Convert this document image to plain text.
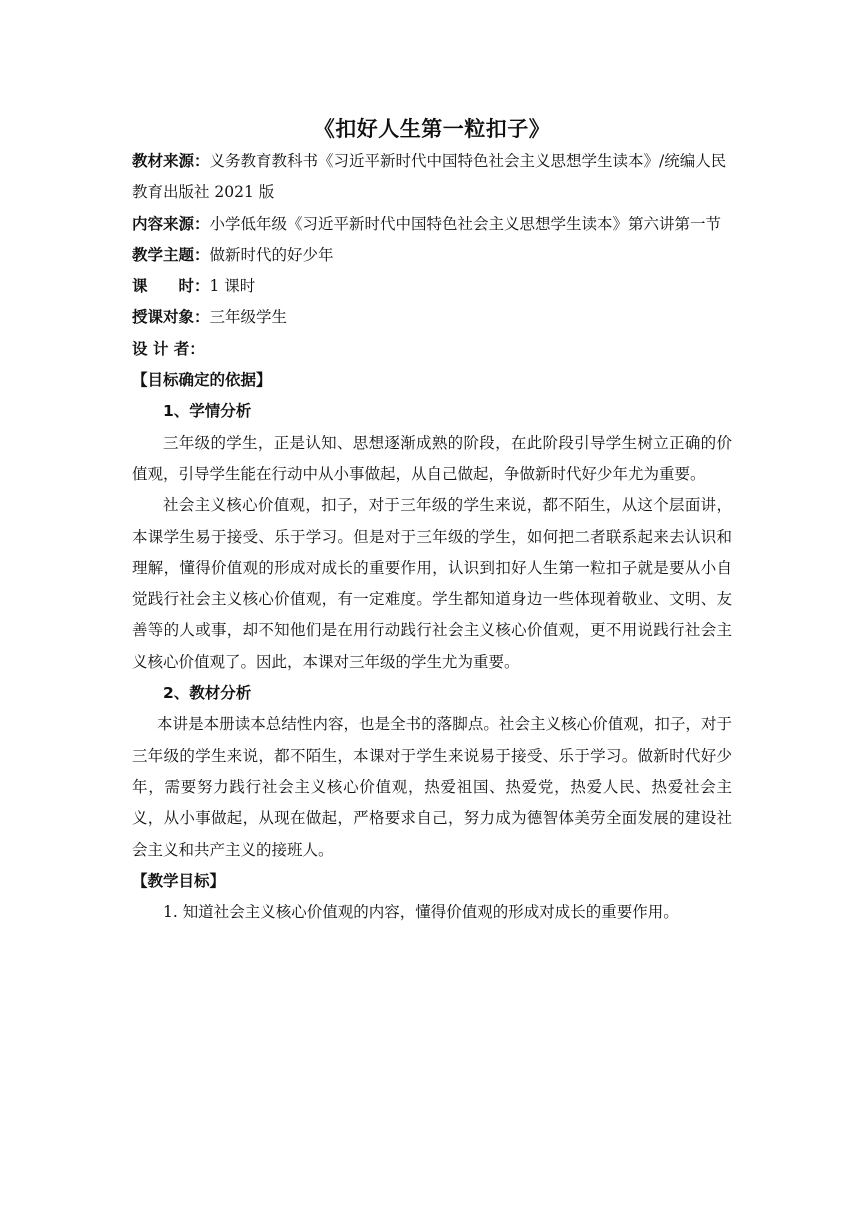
《扣好人生第一粒扣子》

教材来源：义务教育教科书《习近平新时代中国特色社会主义思想学生读本》/统编人民教育出版社 2021 版

内容来源：小学低年级《习近平新时代中国特色社会主义思想学生读本》第六讲第一节

教学主题：做新时代的好少年

课　　时：1 课时

授课对象：三年级学生

设 计 者：

【目标确定的依据】

1、学情分析

三年级的学生，正是认知、思想逐渐成熟的阶段，在此阶段引导学生树立正确的价值观，引导学生能在行动中从小事做起，从自己做起，争做新时代好少年尤为重要。

社会主义核心价值观，扣子，对于三年级的学生来说，都不陌生，从这个层面讲，本课学生易于接受、乐于学习。但是对于三年级的学生，如何把二者联系起来去认识和理解，懂得价值观的形成对成长的重要作用，认识到扣好人生第一粒扣子就是要从小自觉践行社会主义核心价值观，有一定难度。学生都知道身边一些体现着敬业、文明、友善等的人或事，却不知他们是在用行动践行社会主义核心价值观，更不用说践行社会主义核心价值观了。因此，本课对三年级的学生尤为重要。

2、教材分析

本讲是本册读本总结性内容，也是全书的落脚点。社会主义核心价值观，扣子，对于三年级的学生来说，都不陌生，本课对于学生来说易于接受、乐于学习。做新时代好少年，需要努力践行社会主义核心价值观，热爱祖国、热爱党，热爱人民、热爱社会主义，从小事做起，从现在做起，严格要求自己，努力成为德智体美劳全面发展的建设社会主义和共产主义的接班人。

【教学目标】

1. 知道社会主义核心价值观的内容，懂得价值观的形成对成长的重要作用。
